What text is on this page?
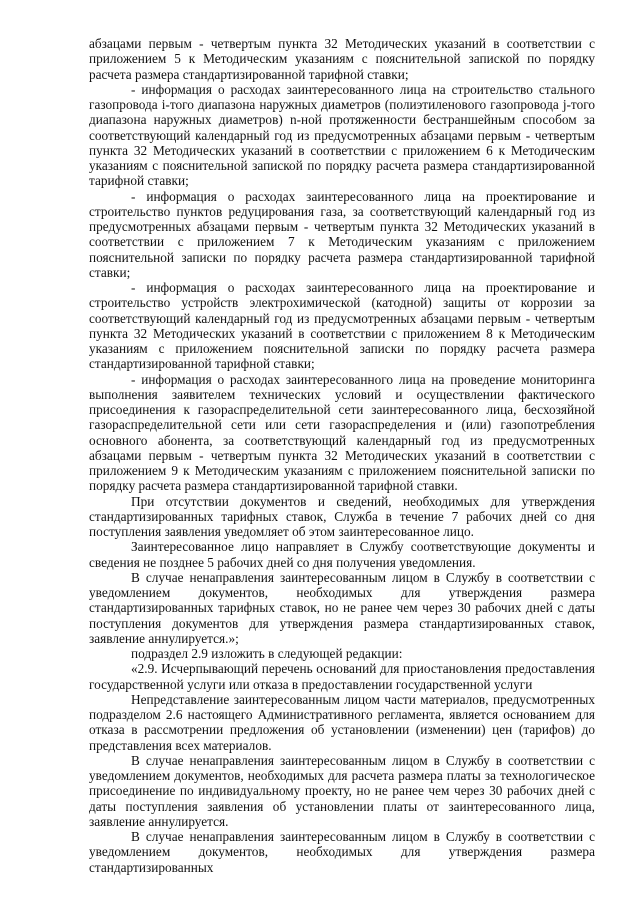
абзацами первым - четвертым пункта 32 Методических указаний в соответствии с приложением 5 к Методическим указаниям с пояснительной запиской по порядку расчета размера стандартизированной тарифной ставки;

- информация о расходах заинтересованного лица на строительство стального газопровода i-того диапазона наружных диаметров (полиэтиленового газопровода j-того диапазона наружных диаметров) n-ной протяженности бестраншейным способом за соответствующий календарный год из предусмотренных абзацами первым - четвертым пункта 32 Методических указаний в соответствии с приложением 6 к Методическим указаниям с пояснительной запиской по порядку расчета размера стандартизированной тарифной ставки;

- информация о расходах заинтересованного лица на проектирование и строительство пунктов редуцирования газа, за соответствующий календарный год из предусмотренных абзацами первым - четвертым пункта 32 Методических указаний в соответствии с приложением 7 к Методическим указаниям с приложением пояснительной записки по порядку расчета размера стандартизированной тарифной ставки;

- информация о расходах заинтересованного лица на проектирование и строительство устройств электрохимической (катодной) защиты от коррозии за соответствующий календарный год из предусмотренных абзацами первым - четвертым пункта 32 Методических указаний в соответствии с приложением 8 к Методическим указаниям с приложением пояснительной записки по порядку расчета размера стандартизированной тарифной ставки;

- информация о расходах заинтересованного лица на проведение мониторинга выполнения заявителем технических условий и осуществлении фактического присоединения к газораспределительной сети заинтересованного лица, бесхозяйной газораспределительной сети или сети газораспределения и (или) газопотребления основного абонента, за соответствующий календарный год из предусмотренных абзацами первым - четвертым пункта 32 Методических указаний в соответствии с приложением 9 к Методическим указаниям с приложением пояснительной записки по порядку расчета размера стандартизированной тарифной ставки.

При отсутствии документов и сведений, необходимых для утверждения стандартизированных тарифных ставок, Служба в течение 7 рабочих дней со дня поступления заявления уведомляет об этом заинтересованное лицо.

Заинтересованное лицо направляет в Службу соответствующие документы и сведения не позднее 5 рабочих дней со дня получения уведомления.

В случае ненаправления заинтересованным лицом в Службу в соответствии с уведомлением документов, необходимых для утверждения размера стандартизированных тарифных ставок, но не ранее чем через 30 рабочих дней с даты поступления документов для утверждения размера стандартизированных ставок, заявление аннулируется.»;

подраздел 2.9 изложить в следующей редакции:

«2.9. Исчерпывающий перечень оснований для приостановления предоставления государственной услуги или отказа в предоставлении государственной услуги

Непредставление заинтересованным лицом части материалов, предусмотренных подразделом 2.6 настоящего Административного регламента, является основанием для отказа в рассмотрении предложения об установлении (изменении) цен (тарифов) до представления всех материалов.

В случае ненаправления заинтересованным лицом в Службу в соответствии с уведомлением документов, необходимых для расчета размера платы за технологическое присоединение по индивидуальному проекту, но не ранее чем через 30 рабочих дней с даты поступления заявления об установлении платы от заинтересованного лица, заявление аннулируется.

В случае ненаправления заинтересованным лицом в Службу в соответствии с уведомлением документов, необходимых для утверждения размера стандартизированных
